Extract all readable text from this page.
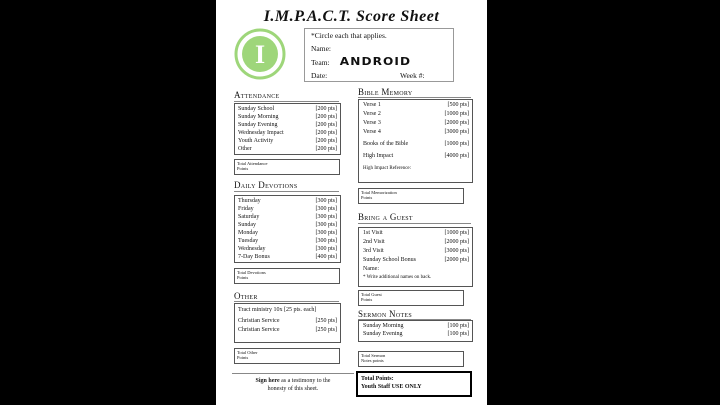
I.M.P.A.C.T. Score Sheet
I
*Circle each that applies.
Name:
Team: ANDROID
Date:	Week #:
Attendance
Sunday School	[200 pts]
Sunday Morning	[200 pts]
Sunday Evening	[200 pts]
Wednesday Impact	[200 pts]
Youth Activity	[200 pts]
Other	[200 pts]
Total Attendance
Points
Daily Devotions
Thursday	[300 pts]
Friday	[300 pts]
Saturday	[300 pts]
Sunday	[300 pts]
Monday	[300 pts]
Tuesday	[300 pts]
Wednesday	[300 pts]
7-Day Bonus	[400 pts]
Total Devotions
Points
Other
Tract ministry 10x [25 pts. each]
Christian Service	[250 pts]
Christian Service	[250 pts]
Total Other
Points
Sign here as a testimony to the
honesty of this sheet.
Bible Memory
Verse 1	[500 pts]
Verse 2	[1000 pts]
Verse 3	[2000 pts]
Verse 4	[3000 pts]
Books of the Bible	[1000 pts]
High Impact	[4000 pts]
High Impact Reference:
Total Memorization
Points
Bring a Guest
1st Visit	[1000 pts]
2nd Visit	[2000 pts]
3rd Visit	[3000 pts]
Sunday School Bonus	[2000 pts]
Name:
* Write additional names on back.
Total Guest
Points
Sermon Notes
Sunday Morning	[100 pts]
Sunday Evening	[100 pts]
Total Sermon
Notes points
Total Points:
Youth Staff USE ONLY
